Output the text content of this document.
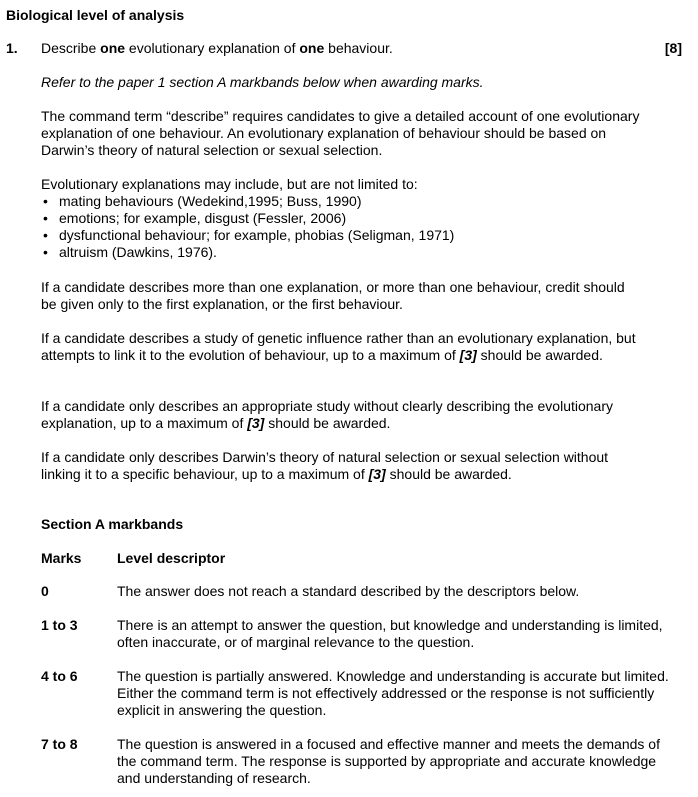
Biological level of analysis
1. Describe one evolutionary explanation of one behaviour.	[8]

Refer to the paper 1 section A markbands below when awarding marks.

The command term “describe” requires candidates to give a detailed account of one evolutionary explanation of one behaviour. An evolutionary explanation of behaviour should be based on Darwin’s theory of natural selection or sexual selection.

Evolutionary explanations may include, but are not limited to:

• mating behaviours (Wedekind,1995; Buss, 1990)
• emotions; for example, disgust (Fessler, 2006)
• dysfunctional behaviour; for example, phobias (Seligman, 1971)
• altruism (Dawkins, 1976).

If a candidate describes more than one explanation, or more than one behaviour, credit should be given only to the first explanation, or the first behaviour.

If a candidate describes a study of genetic influence rather than an evolutionary explanation, but attempts to link it to the evolution of behaviour, up to a maximum of [3] should be awarded.

If a candidate only describes an appropriate study without clearly describing the evolutionary explanation, up to a maximum of [3] should be awarded.

If a candidate only describes Darwin’s theory of natural selection or sexual selection without linking it to a specific behaviour, up to a maximum of [3] should be awarded.

Section A markbands
Marks	Level descriptor
0	The answer does not reach a standard described by the descriptors below.
1 to 3	There is an attempt to answer the question, but knowledge and understanding is limited, often inaccurate, or of marginal relevance to the question.
4 to 6	The question is partially answered. Knowledge and understanding is accurate but limited. Either the command term is not effectively addressed or the response is not sufficiently explicit in answering the question.
7 to 8	The question is answered in a focused and effective manner and meets the demands of the command term. The response is supported by appropriate and accurate knowledge and understanding of research.
